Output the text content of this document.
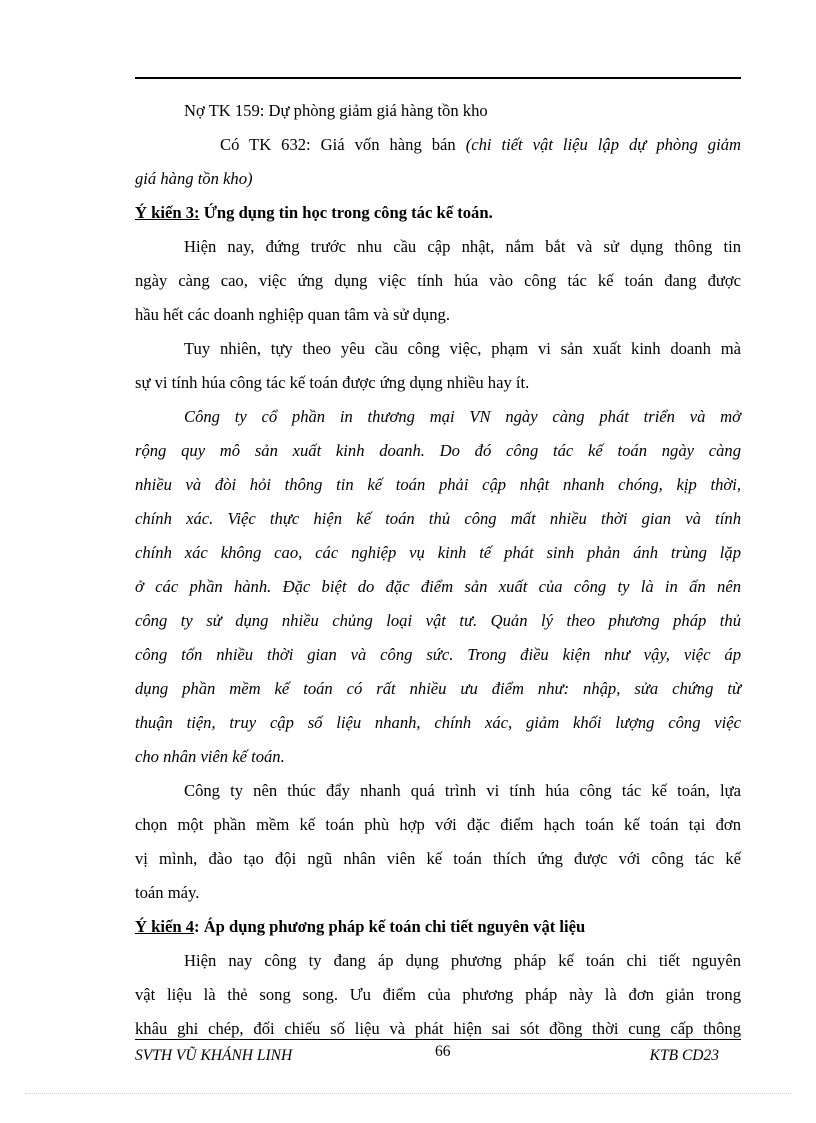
Nợ TK 159: Dự phòng giảm giá hàng tồn kho
Có TK 632: Giá vốn hàng bán (chi tiết vật liệu lập dự phòng giảm
giá hàng tồn kho)
Ý kiến 3: Ứng dụng tin học trong công tác kế toán.
Hiện nay, đứng trước nhu cầu cập nhật, nắm bắt và sử dụng thông tin
ngày càng cao, việc ứng dụng việc tính húa vào công tác kế toán đang được
hầu hết các doanh nghiệp quan tâm và sử dụng.
Tuy nhiên, tựy theo yêu cầu công việc, phạm vi sản xuất kinh doanh mà
sự vi tính húa công tác kế toán được ứng dụng nhiều hay ít.
Công ty cổ phần in thương mại VN ngày càng phát triển và mở
rộng quy mô sản xuất kinh doanh. Do đó công tác kế toán ngày càng
nhiều và đòi hỏi thông tin kế toán phải cập nhật nhanh chóng, kịp thời,
chính xác. Việc thực hiện kế toán thủ công mất nhiều thời gian và tính
chính xác không cao, các nghiệp vụ kinh tế phát sinh phản ánh trùng lặp
ở các phần hành. Đặc biệt do đặc điểm sản xuất của công ty là in ấn nên
công ty sử dụng nhiều chủng loại vật tư. Quản lý theo phương pháp thủ
công tốn nhiều thời gian và công sức. Trong điều kiện như vậy, việc áp
dụng phần mềm kế toán có rất nhiều ưu điểm như: nhập, sửa chứng từ
thuận tiện, truy cập số liệu nhanh, chính xác, giảm khối lượng công việc
cho nhân viên kế toán.
Công ty nên thúc đẩy nhanh quá trình vi tính húa công tác kế toán, lựa
chọn một phần mềm kế toán phù hợp với đặc điểm hạch toán kế toán tại đơn
vị mình, đào tạo đội ngũ nhân viên kế toán thích ứng được với công tác kế
toán máy.
Ý kiến 4: Áp dụng phương pháp kế toán chi tiết nguyên vật liệu
Hiện nay công ty đang áp dụng phương pháp kế toán chi tiết nguyên
vật liệu là thẻ song song. Ưu điểm của phương pháp này là đơn giản trong
khâu ghi chép, đối chiếu số liệu và phát hiện sai sót đồng thời cung cấp thông
SVTH VŨ KHÁNH LINH	66	KTB CD23
